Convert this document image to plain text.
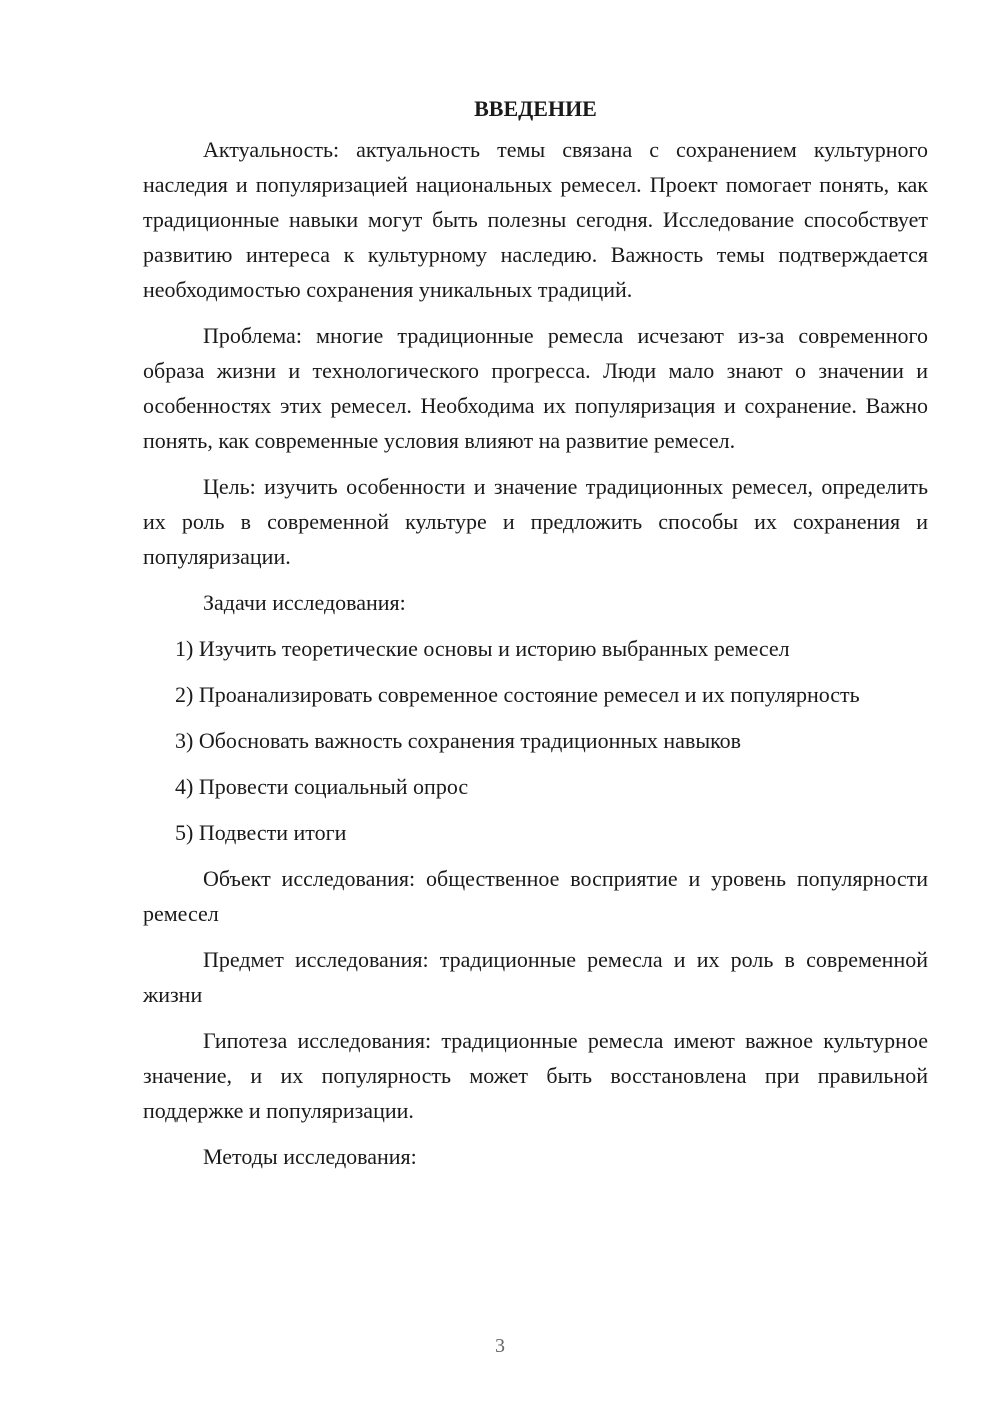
ВВЕДЕНИЕ

Актуальность: актуальность темы связана с сохранением культурного наследия и популяризацией национальных ремесел. Проект помогает понять, как традиционные навыки могут быть полезны сегодня. Исследование способствует развитию интереса к культурному наследию. Важность темы подтверждается необходимостью сохранения уникальных традиций.

Проблема: многие традиционные ремесла исчезают из-за современного образа жизни и технологического прогресса. Люди мало знают о значении и особенностях этих ремесел. Необходима их популяризация и сохранение. Важно понять, как современные условия влияют на развитие ремесел.

Цель: изучить особенности и значение традиционных ремесел, определить их роль в современной культуре и предложить способы их сохранения и популяризации.

Задачи исследования:

1) Изучить теоретические основы и историю выбранных ремесел

2) Проанализировать современное состояние ремесел и их популярность

3) Обосновать важность сохранения традиционных навыков

4) Провести социальный опрос

5) Подвести итоги

Объект исследования: общественное восприятие и уровень популярности ремесел

Предмет исследования: традиционные ремесла и их роль в современной жизни

Гипотеза исследования: традиционные ремесла имеют важное культурное значение, и их популярность может быть восстановлена при правильной поддержке и популяризации.

Методы исследования:

3
